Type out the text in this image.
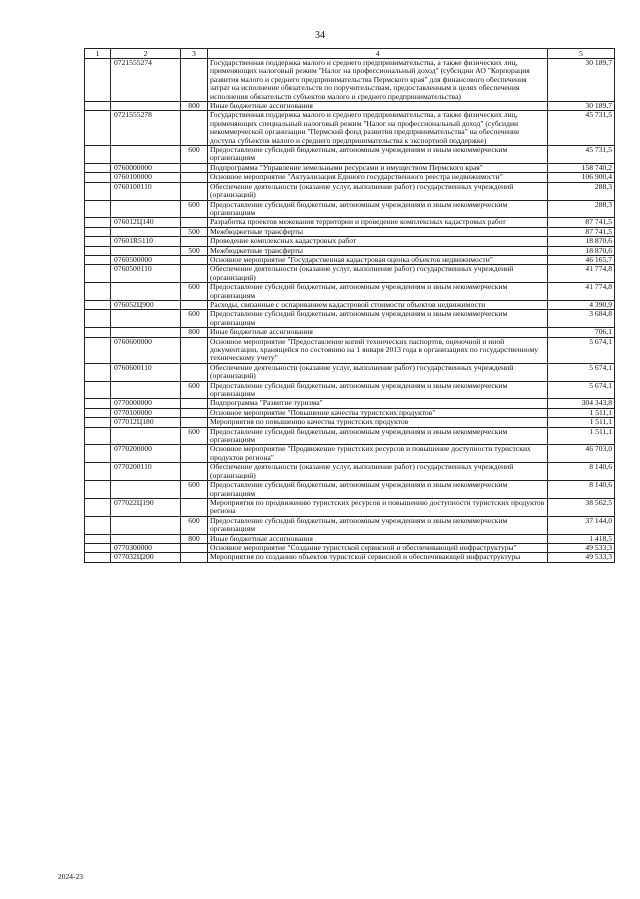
34
1	2	3	4	5
	0721555274		Государственная поддержка малого и среднего предпринимательства, а также физических лиц, применяющих налоговый режим "Налог на профессиональный доход" (субсидии АО "Корпорация развития малого и среднего предпринимательства Пермского края" для финансового обеспечения затрат на исполнение обязательств по поручительствам, предоставленным в целях обеспечения исполнения обязательств субъектов малого и среднего предпринимательства)	30 189,7
		800	Иные бюджетные ассигнования	30 189,7
	0721555278		Государственная поддержка малого и среднего предпринимательства, а также физических лиц, применяющих специальный налоговый режим "Налог на профессиональный доход" (субсидии некоммерческой организации "Пермский фонд развития предпринимательства" на обеспечение доступа субъектов малого и среднего предпринимательства к экспортной поддержке)	45 731,5
		600	Предоставление субсидий бюджетным, автономным учреждениям и иным некоммерческим организациям	45 731,5
	0760000000		Подпрограмма "Управление земельными ресурсами и имуществом Пермского края"	158 740,2
	0760100000		Основное мероприятие "Актуализация Единого государственного реестра недвижимости"	106 900,4
	0760100110		Обеспечение деятельности (оказание услуг, выполнение работ) государственных учреждений (организаций)	288,3
		600	Предоставление субсидий бюджетным, автономным учреждениям и иным некоммерческим организациям	288,3
	076012Ц140		Разработка проектов межевания территории и проведение комплексных кадастровых работ	87 741,5
		500	Межбюджетные трансферты	87 741,5
	07601R5110		Проведение комплексных кадастровых работ	18 870,6
		500	Межбюджетные трансферты	18 870,6
	0760500000		Основное мероприятие "Государственная кадастровая оценка объектов недвижимости"	46 165,7
	0760500110		Обеспечение деятельности (оказание услуг, выполнение работ) государственных учреждений (организаций)	41 774,8
		600	Предоставление субсидий бюджетным, автономным учреждениям и иным некоммерческим организациям	41 774,8
	076052Ц900		Расходы, связанные с оспариванием кадастровой стоимости объектов недвижимости	4 390,9
		600	Предоставление субсидий бюджетным, автономным учреждениям и иным некоммерческим организациям	3 684,8
		800	Иные бюджетные ассигнования	706,1
	0760600000		Основное мероприятие "Предоставление копий технических паспортов, оценочной и иной документации, хранящейся по состоянию на 1 января 2013 года в организациях по государственному техническому учету"	5 674,1
	0760600110		Обеспечение деятельности (оказание услуг, выполнение работ) государственных учреждений (организаций)	5 674,1
		600	Предоставление субсидий бюджетным, автономным учреждениям и иным некоммерческим организациям	5 674,1
	0770000000		Подпрограмма "Развитие туризма"	304 343,8
	0770100000		Основное мероприятие "Повышение качества туристских продуктов"	1 511,1
	077012Ц180		Мероприятия по повышению качества туристских продуктов	1 511,1
		600	Предоставление субсидий бюджетным, автономным учреждениям и иным некоммерческим организациям	1 511,1
	0770200000		Основное мероприятие "Продвижение туристских ресурсов и повышение доступности туристских продуктов региона"	46 703,0
	0770200110		Обеспечение деятельности (оказание услуг, выполнение работ) государственных учреждений (организаций)	8 140,6
		600	Предоставление субсидий бюджетным, автономным учреждениям и иным некоммерческим организациям	8 140,6
	077022Ц190		Мероприятия по продвижению туристских ресурсов и повышению доступности туристских продуктов региона	38 562,5
		600	Предоставление субсидий бюджетным, автономным учреждениям и иным некоммерческим организациям	37 144,0
		800	Иные бюджетные ассигнования	1 418,5
	0770300000		Основное мероприятие "Создание туристской сервисной и обеспечивающей инфраструктуры"	49 533,3
	077032Ц200		Мероприятия по созданию объектов туристской сервисной и обеспечивающей инфраструктуры	49 533,3
2024-23
